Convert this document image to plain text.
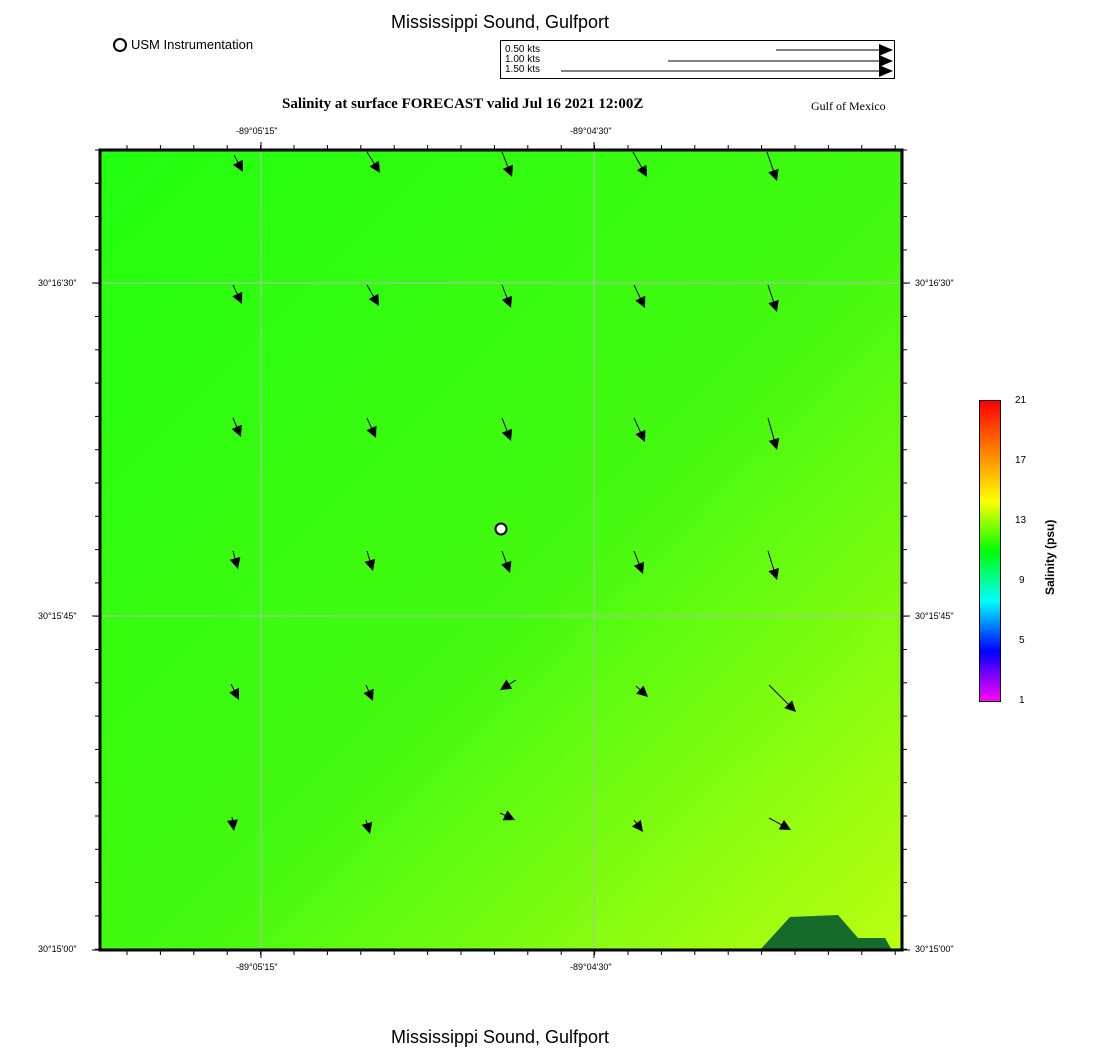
Mississippi Sound, Gulfport
USM Instrumentation	0.50 kts
1.00 kts
1.50 kts
Salinity at surface FORECAST valid Jul 16 2021 12:00Z	Gulf of Mexico
-89°05'15"	-89°04'30"
-89°05'15"	-89°04'30"
30°16'30"
30°15'45"
30°15'00"
30°16'30"
30°15'45"
30°15'00"
21
17
13
9
5
1
Salinity (psu)
Mississippi Sound, Gulfport
